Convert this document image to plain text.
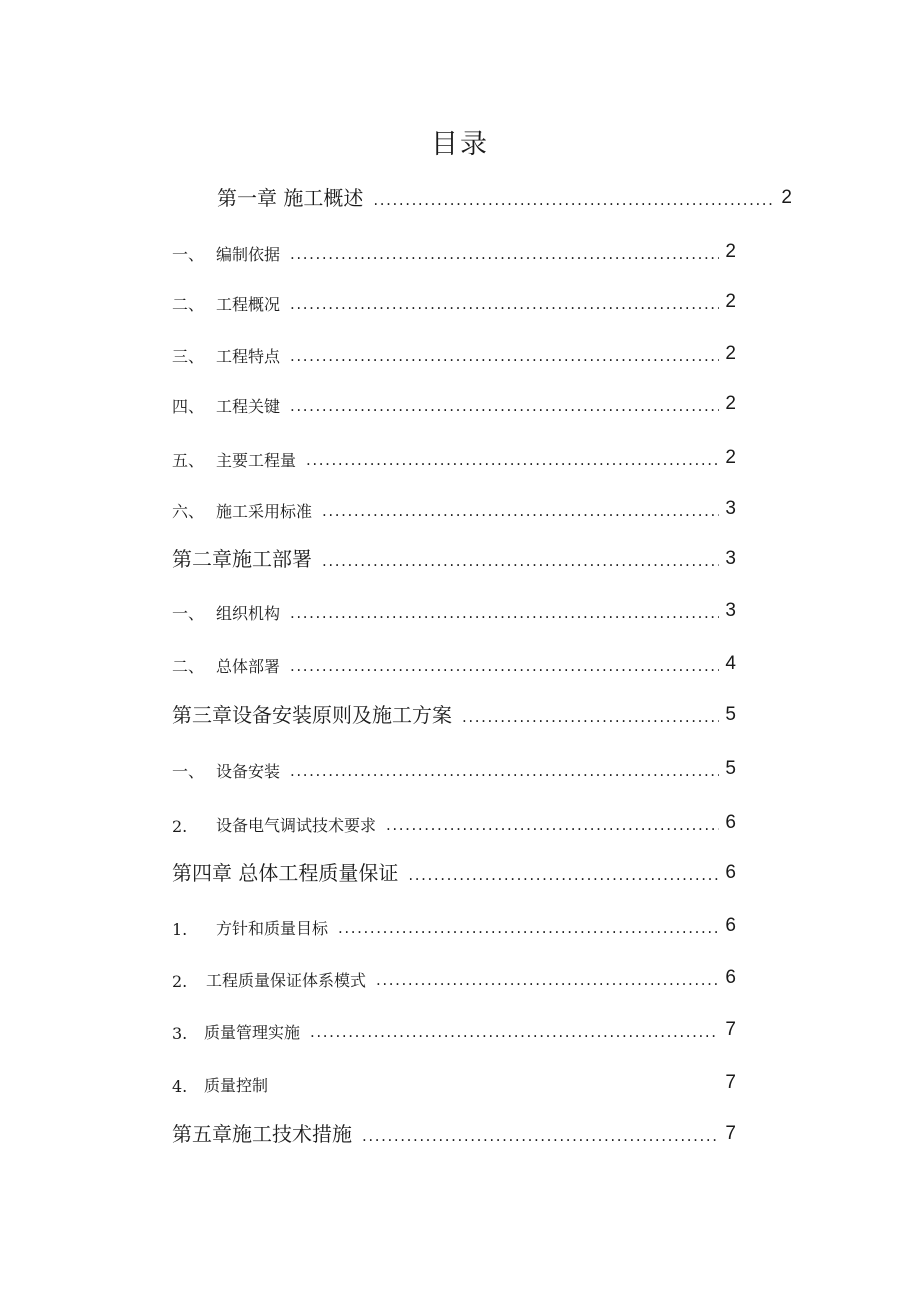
目录
第一章 施工概述 .....	2
一、 编制依据 .....	2
二、 工程概况 .....	2
三、 工程特点 .....	2
四、 工程关键 .....	2
五、 主要工程量 .....	2
六、 施工采用标准 .....	3
第二章施工部署 .....	3
一、 组织机构 .....	3
二、 总体部署 .....	4
第三章设备安装原则及施工方案 .....	5
一、 设备安装 .....	5
2.	设备电气调试技术要求 .....	6
第四章 总体工程质量保证 .....	6
1.	方针和质量目标 .....	6
2.	工程质量保证体系模式 .....	6
3.	质量管理实施 .....	7
4.	质量控制	7
第五章施工技术措施 .....	7
